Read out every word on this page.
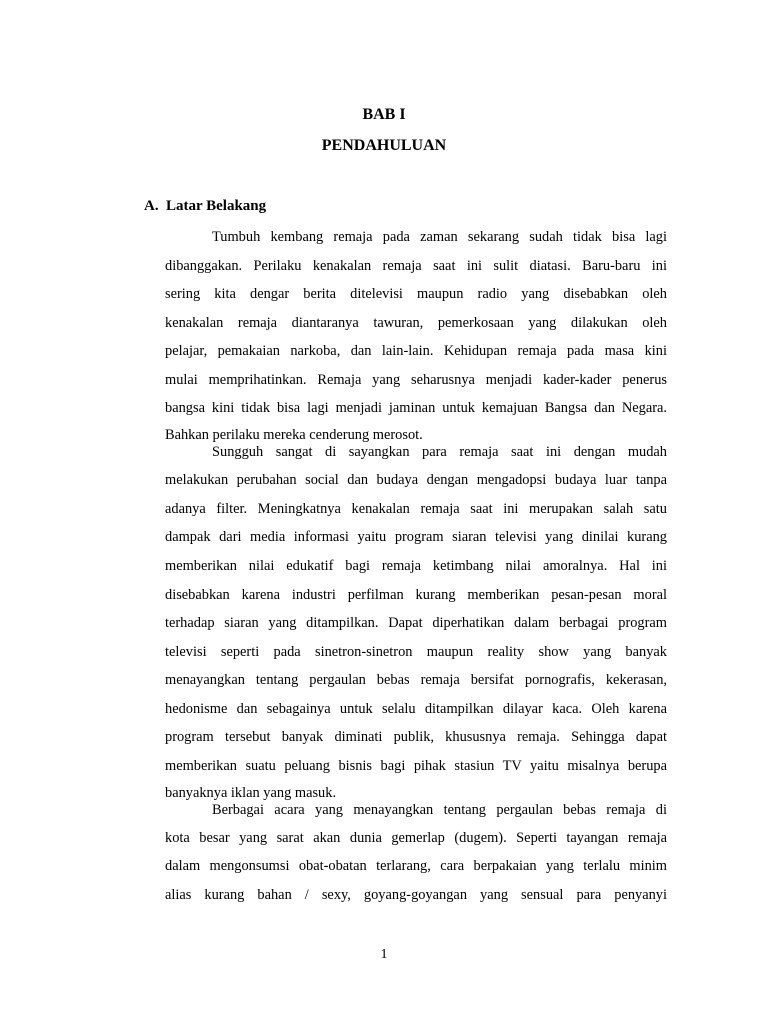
BAB I
PENDAHULUAN
A. Latar Belakang
Tumbuh kembang remaja pada zaman sekarang sudah tidak bisa lagi
dibanggakan. Perilaku kenakalan remaja saat ini sulit diatasi. Baru-baru ini
sering kita dengar berita ditelevisi maupun radio yang disebabkan oleh
kenakalan remaja diantaranya tawuran, pemerkosaan yang dilakukan oleh
pelajar, pemakaian narkoba, dan lain-lain. Kehidupan remaja pada masa kini
mulai memprihatinkan. Remaja yang seharusnya menjadi kader-kader penerus
bangsa kini tidak bisa lagi menjadi jaminan untuk kemajuan Bangsa dan Negara.
Bahkan perilaku mereka cenderung merosot.
Sungguh sangat di sayangkan para remaja saat ini dengan mudah
melakukan perubahan social dan budaya dengan mengadopsi budaya luar tanpa
adanya filter. Meningkatnya kenakalan remaja saat ini merupakan salah satu
dampak dari media informasi yaitu program siaran televisi yang dinilai kurang
memberikan nilai edukatif bagi remaja ketimbang nilai amoralnya. Hal ini
disebabkan karena industri perfilman kurang memberikan pesan-pesan moral
terhadap siaran yang ditampilkan. Dapat diperhatikan dalam berbagai program
televisi seperti pada sinetron-sinetron maupun reality show yang banyak
menayangkan tentang pergaulan bebas remaja bersifat pornografis, kekerasan,
hedonisme dan sebagainya untuk selalu ditampilkan dilayar kaca. Oleh karena
program tersebut banyak diminati publik, khususnya remaja. Sehingga dapat
memberikan suatu peluang bisnis bagi pihak stasiun TV yaitu misalnya berupa
banyaknya iklan yang masuk.
Berbagai acara yang menayangkan tentang pergaulan bebas remaja di
kota besar yang sarat akan dunia gemerlap (dugem). Seperti tayangan remaja
dalam mengonsumsi obat-obatan terlarang, cara berpakaian yang terlalu minim
alias kurang bahan / sexy, goyang-goyangan yang sensual para penyanyi
1
